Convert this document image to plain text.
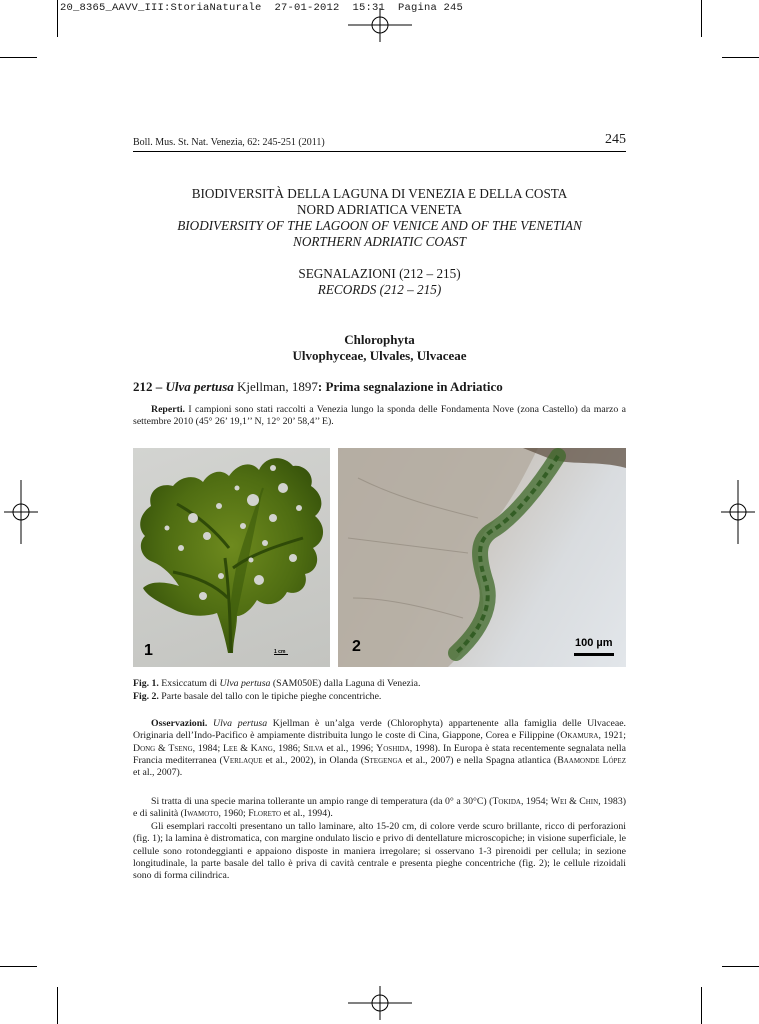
20_8365_AAVV_III:StoriaNaturale  27-01-2012  15:31  Pagina 245
Boll. Mus. St. Nat. Venezia, 62: 245-251 (2011)	245
BIODIVERSITÀ DELLA LAGUNA DI VENEZIA E DELLA COSTA
NORD ADRIATICA VENETA
BIODIVERSITY OF THE LAGOON OF VENICE AND OF THE VENETIAN
NORTHERN ADRIATIC COAST
SEGNALAZIONI (212 – 215)
RECORDS (212 – 215)
Chlorophyta
Ulvophyceae, Ulvales, Ulvaceae
212 – Ulva pertusa Kjellman, 1897: Prima segnalazione in Adriatico
Reperti. I campioni sono stati raccolti a Venezia lungo la sponda delle Fondamenta Nove (zona Castello) da marzo a settembre 2010 (45° 26’ 19,1’’ N, 12° 20’ 58,4’’ E).
1	1 cm	2	100 µm
Fig. 1. Exsiccatum di Ulva pertusa (SAM050E) dalla Laguna di Venezia.
Fig. 2. Parte basale del tallo con le tipiche pieghe concentriche.
Osservazioni. Ulva pertusa Kjellman è un’alga verde (Chlorophyta) appartenente alla famiglia delle Ulvaceae. Originaria dell’Indo-Pacifico è ampiamente distribuita lungo le coste di Cina, Giappone, Corea e Filippine (Okamura, 1921; Dong & Tseng, 1984; Lee & Kang, 1986; Silva et al., 1996; Yoshida, 1998). In Europa è stata recentemente segnalata nella Francia mediterranea (Verlaque et al., 2002), in Olanda (Stegenga et al., 2007) e nella Spagna atlantica (Baamonde López et al., 2007).
Si tratta di una specie marina tollerante un ampio range di temperatura (da 0° a 30°C) (Tokida, 1954; Wei & Chin, 1983) e di salinità (Iwamoto, 1960; Floreto et al., 1994).
Gli esemplari raccolti presentano un tallo laminare, alto 15-20 cm, di colore verde scuro brillante, ricco di perforazioni (fig. 1); la lamina è distromatica, con margine ondulato liscio e privo di dentellature microscopiche; in visione superficiale, le cellule sono rotondeggianti e appaiono disposte in maniera irregolare; si osservano 1-3 pirenoidi per cellula; in sezione longitudinale, la parte basale del tallo è priva di cavità centrale e presenta pieghe concentriche (fig. 2); le cellule rizoidali sono di forma cilindrica.
